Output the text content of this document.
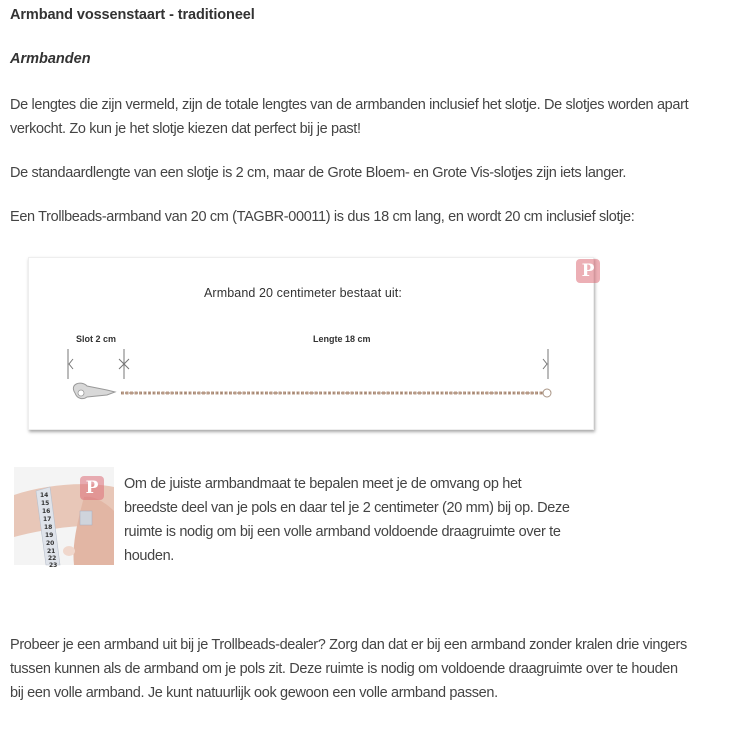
Armband vossenstaart - traditioneel
Armbanden
De lengtes die zijn vermeld, zijn de totale lengtes van de armbanden inclusief het slotje. De slotjes worden apart
verkocht. Zo kun je het slotje kiezen dat perfect bij je past!
De standaardlengte van een slotje is 2 cm, maar de Grote Bloem- en Grote Vis-slotjes zijn iets langer.
Een Trollbeads-armband van 20 cm (TAGBR-00011) is dus 18 cm lang, en wordt 20 cm inclusief slotje:
Armband 20 centimeter bestaat uit:
Slot 2 cm	Lengte 18 cm
P
14
15
16
17
18
19
20
21
22
23
P	Om de juiste armbandmaat te bepalen meet je de omvang op het
breedste deel van je pols en daar tel je 2 centimeter (20 mm) bij op. Deze
ruimte is nodig om bij een volle armband voldoende draagruimte over te
houden.
Probeer je een armband uit bij je Trollbeads-dealer? Zorg dan dat er bij een armband zonder kralen drie vingers
tussen kunnen als de armband om je pols zit. Deze ruimte is nodig om voldoende draagruimte over te houden
bij een volle armband. Je kunt natuurlijk ook gewoon een volle armband passen.
